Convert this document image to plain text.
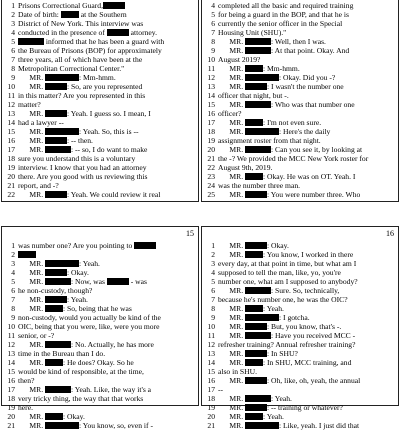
1 Prisons Correctional Guard,
2 Date of birth:  at the Southern
3 District of New York. This interview was
4 conducted in the presence of	attorney.
5	informed that he has been a guard with
6 the Bureau of Prisons (BOP) for approximately
7 three years, all of which have been at the
8 Metropolitan Correctional Center."
9      MR.	: Mm-hmm.
10      MR.	: So, are you represented
11 in this matter? Are you represented in this
12 matter?
13      MR.	: Yeah. I guess so. I mean, I
14 had a lawyer --
15      MR.	: Yeah. So, this is --
16      MR.	: -- then.
17      MR.	: -- so, I do want to make
18 sure you understand this is a voluntary
19 interview. I know that you had an attorney
20 there. Are you good with us reviewing this
21 report, and -?
22      MR.	: Yeah. We could review it real
4 completed all the basic and required training
5 for being a guard in the BOP, and that he is
6 currently the senior officer in the Special
7 Housing Unit (SHU)."
8      MR.	: Well, then I was.
9      MR.	: At that point. Okay. And
10 August 2019?
11      MR. : Mm-hmm.
12      MR.	: Okay. Did you -?
13      MR.	: I wasn't the number one
14 officer that night, but -.
15      MR.	: Who was that number one
16 officer?
17      MR. : I'm not even sure.
18      MR.	: Here's the daily
19 assignment roster from that night.
20      MR.	: Can you see it, by looking at
21 the -? We provided the MCC New York roster for
22 August 9th, 2019.
23      MR. : Okay. He was on OT. Yeah. I
24 was the number three man.
25      MR.	: You were number three. Who
15
1 was number one? Are you pointing to
2
3      MR.	: Yeah.
4      MR.	: Okay.
5      MR.	: Now, was	- was
6 he non-custody, though?
7      MR.	: Yeah.
8      MR. : So, being that he was
9 non-custody, would you actually be kind of the
10 OIC, being that you were, like, were you more
11 senior, or -?
12      MR.	: No. Actually, he has more
13 time in the Bureau than I do.
14      MR. : He does? Okay. So he
15 would be kind of responsible, at the time,
16 then?
17      MR.	: Yeah. Like, the way it's a
18 very tricky thing, the way that that works
19 here.
20      MR. : Okay.
21      MR.	: You know, so, even if -
16
1      MR.	: Okay.
2      MR. : You know, I worked in there
3 every day, at that point in time, but what am I
4 supposed to tell the man, like, yo, you're
5 number one, what am I supposed to anybody?
6      MR.	: Sure. So, technically,
7 because he's number one, he was the OIC?
8      MR. : Yeah.
9      MR.	: I gotcha.
10      MR.	: But, you know, that's -.
11      MR.	: Have you received MCC -
12 refresher training? Annual refresher training?
13      MR.	: In SHU?
14      MR. : In SHU, MCC training, and
15 also in SHU.
16      MR.	: Oh, like, oh, yeah, the annual
17 --
18      MR.	: Yeah.
19      MR.	: -- training or whatever?
20      MR. : Yeah.
21      MR.	: Like, yeah. I just did that
